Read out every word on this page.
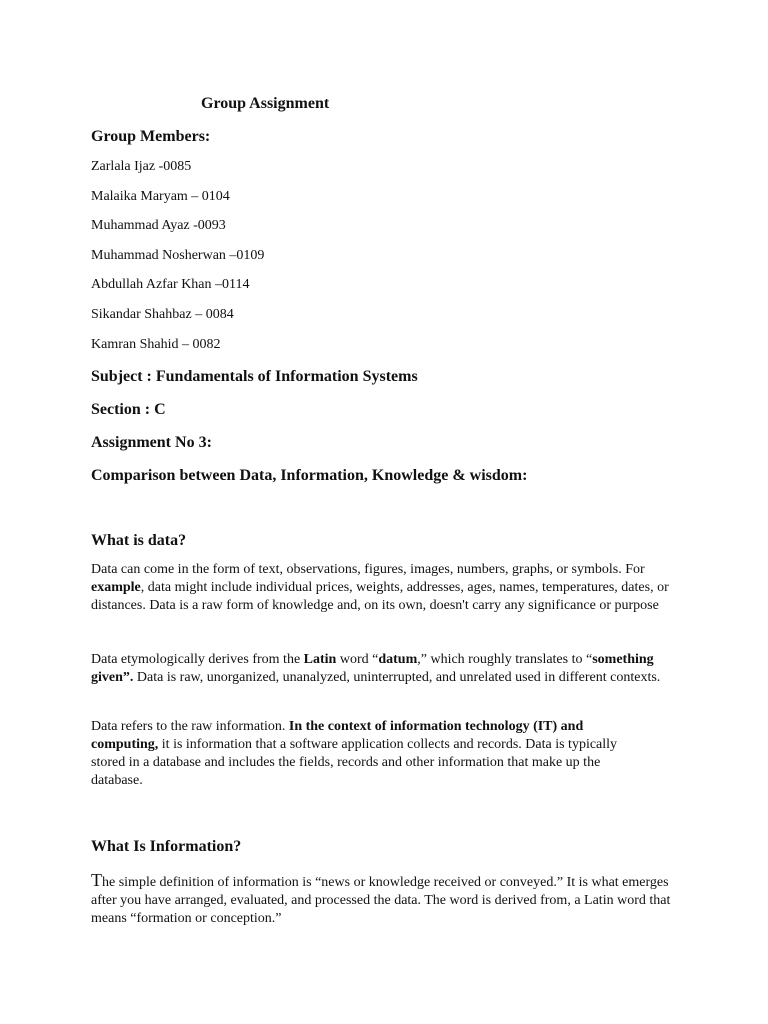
Group Assignment
Group Members:
Zarlala Ijaz -0085
Malaika Maryam – 0104
Muhammad Ayaz -0093
Muhammad Nosherwan –0109
Abdullah Azfar Khan –0114
Sikandar Shahbaz – 0084
Kamran Shahid – 0082
Subject : Fundamentals of Information Systems
Section : C
Assignment No 3:
Comparison between Data, Information, Knowledge & wisdom:
What is data?
Data can come in the form of text, observations, figures, images, numbers, graphs, or symbols. For example, data might include individual prices, weights, addresses, ages, names, temperatures, dates, or distances. Data is a raw form of knowledge and, on its own, doesn't carry any significance or purpose
Data etymologically derives from the Latin word “datum,” which roughly translates to “something given”. Data is raw, unorganized, unanalyzed, uninterrupted, and unrelated used in different contexts.
Data refers to the raw information. In the context of information technology (IT) and computing, it is information that a software application collects and records. Data is typically stored in a database and includes the fields, records and other information that make up the database.
What Is Information?
The simple definition of information is “news or knowledge received or conveyed.” It is what emerges after you have arranged, evaluated, and processed the data. The word is derived from, a Latin word that means “formation or conception.”
